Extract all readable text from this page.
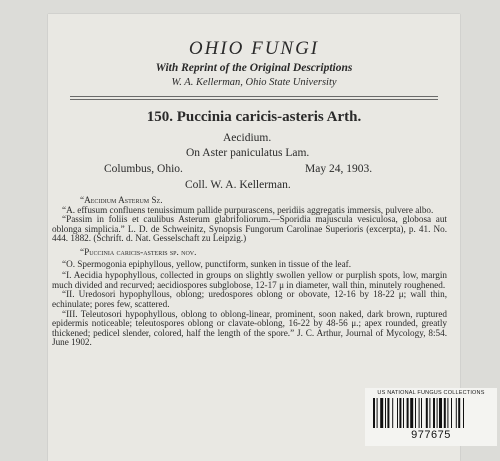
OHIO FUNGI
With Reprint of the Original Descriptions
W. A. Kellerman, Ohio State University
150. Puccinia caricis-asteris Arth.
Aecidium.
On Aster paniculatus Lam.
Columbus, Ohio.	May 24, 1903.
Coll. W. A. Kellerman.

“Aecidium Asterum Sz.

“A. effusum confluens tenuissimum pallide purpurascens, peridiis aggregatis immersis, pulvere albo.

“Passim in foliis et caulibus Asterum glabrifoliorum.—Sporidia majuscula vesiculosa, globosa aut oblonga simplicia.” L. D. de Schweinitz, Synopsis Fungorum Carolinae Superioris (excerpta), p. 41. No. 444. 1882. (Schrift. d. Nat. Gesselschaft zu Leipzig.)

“Puccinia caricis-asteris sp. nov.

“O. Spermogonia epiphyllous, yellow, punctiform, sunken in tissue of the leaf.

“I. Aecidia hypophyllous, collected in groups on slightly swollen yellow or purplish spots, low, margin much divided and recurved; aecidiospores subglobose, 12-17 μ in diameter, wall thin, minutely roughened.

“II. Uredosori hypophyllous, oblong; uredospores oblong or obovate, 12-16 by 18-22 μ; wall thin, echinulate; pores few, scattered.

“III. Teleutosori hypophyllous, oblong to oblong-linear, prominent, soon naked, dark brown, ruptured epidermis noticeable; teleutospores oblong or clavate-oblong, 16-22 by 48-56 μ.; apex rounded, greatly thickened; pedicel slender, colored, half the length of the spore.” J. C. Arthur, Journal of Mycology, 8:54. June 1902.

US NATIONAL FUNGUS COLLECTIONS
977675
